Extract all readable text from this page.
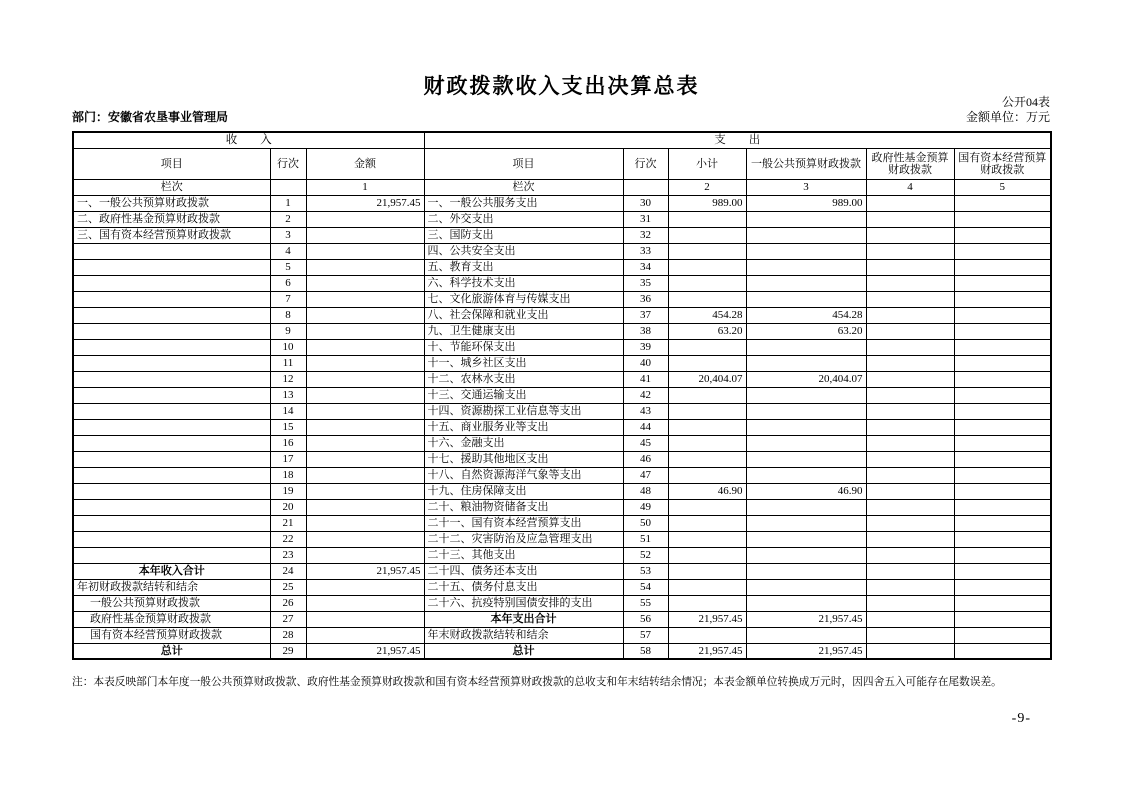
财政拨款收入支出决算总表
公开04表
部门：安徽省农垦事业管理局	金额单位：万元
收　　入			支　　出					
项目	行次	金额	项目	行次	小计	一般公共预算财政拨款	政府性基金预算财政拨款	国有资本经营预算财政拨款
栏次		1	栏次		2	3	4	5
一、一般公共预算财政拨款	1	21,957.45	一、一般公共服务支出	30	989.00	989.00		
二、政府性基金预算财政拨款	2		二、外交支出	31				
三、国有资本经营预算财政拨款	3		三、国防支出	32				
	4		四、公共安全支出	33				
	5		五、教育支出	34				
	6		六、科学技术支出	35				
	7		七、文化旅游体育与传媒支出	36				
	8		八、社会保障和就业支出	37	454.28	454.28		
	9		九、卫生健康支出	38	63.20	63.20		
	10		十、节能环保支出	39				
	11		十一、城乡社区支出	40				
	12		十二、农林水支出	41	20,404.07	20,404.07		
	13		十三、交通运输支出	42				
	14		十四、资源勘探工业信息等支出	43				
	15		十五、商业服务业等支出	44				
	16		十六、金融支出	45				
	17		十七、援助其他地区支出	46				
	18		十八、自然资源海洋气象等支出	47				
	19		十九、住房保障支出	48	46.90	46.90		
	20		二十、粮油物资储备支出	49				
	21		二十一、国有资本经营预算支出	50				
	22		二十二、灾害防治及应急管理支出	51				
	23		二十三、其他支出	52				
本年收入合计	24	21,957.45	二十四、债务还本支出	53				
年初财政拨款结转和结余	25		二十五、债务付息支出	54				
一般公共预算财政拨款	26		二十六、抗疫特别国债安排的支出	55				
政府性基金预算财政拨款	27		本年支出合计	56	21,957.45	21,957.45		
国有资本经营预算财政拨款	28		年末财政拨款结转和结余	57				
总计	29	21,957.45	总计	58	21,957.45	21,957.45		
注：本表反映部门本年度一般公共预算财政拨款、政府性基金预算财政拨款和国有资本经营预算财政拨款的总收支和年末结转结余情况；本表金额单位转换成万元时，因四舍五入可能存在尾数误差。
-9-
